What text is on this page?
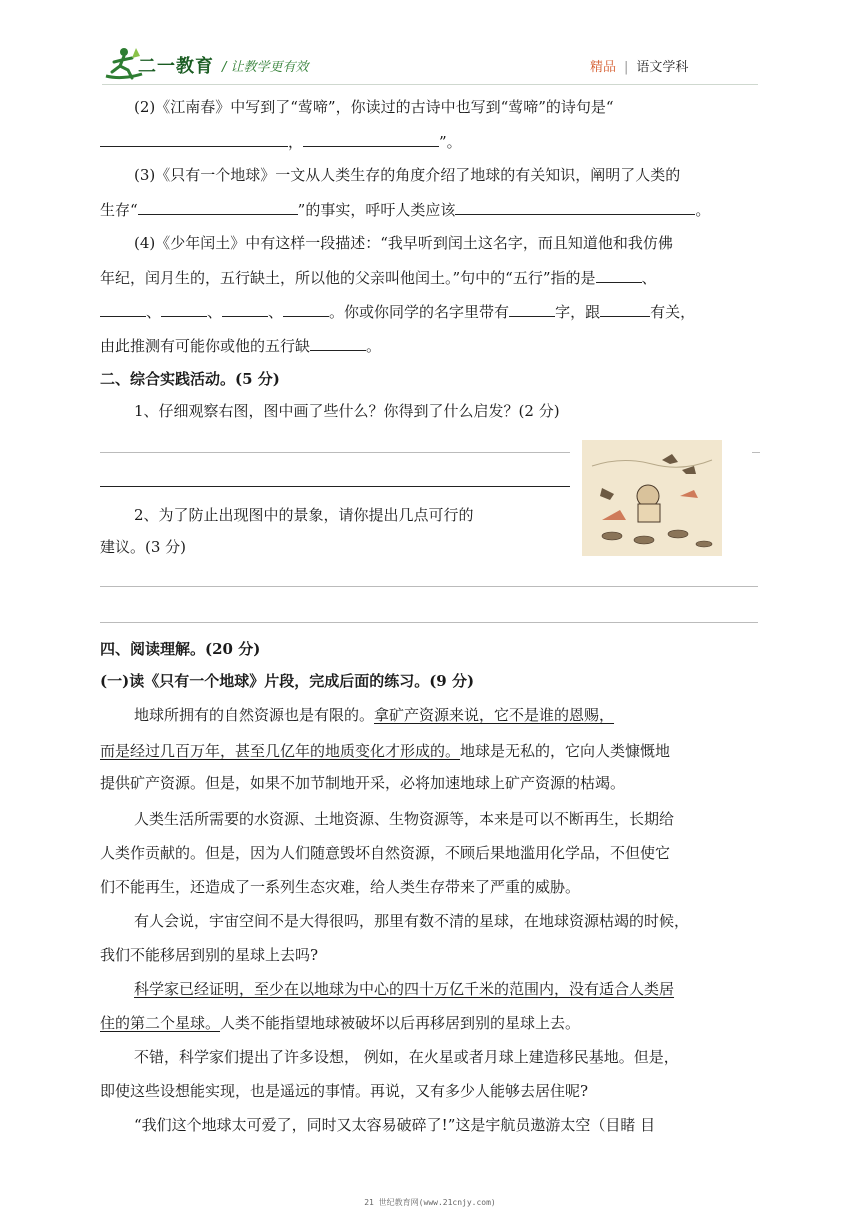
二一教育 / 让教学更有效	精品 | 语文学科
(2)《江南春》中写到了“莺啼”，你读过的古诗中也写到“莺啼”的诗句是“
，	”。
(3)《只有一个地球》一文从人类生存的角度介绍了地球的有关知识，阐明了人类的
生存“	”的事实，呼吁人类应该	。
(4)《少年闰土》中有这样一段描述：“我早听到闰土这名字，而且知道他和我仿佛
年纪，闰月生的，五行缺土，所以他的父亲叫他闰土。”句中的“五行”指的是	、
、	、	、	。你或你同学的名字里带有	字，跟	有关，
由此推测有可能你或他的五行缺	。
二、综合实践活动。(5 分)
1、仔细观察右图，图中画了些什么？你得到了什么启发？(2 分)
2、为了防止出现图中的景象，请你提出几点可行的
建议。(3 分)
四、阅读理解。(20 分)
(一)读《只有一个地球》片段，完成后面的练习。(9 分)
地球所拥有的自然资源也是有限的。拿矿产资源来说，它不是谁的恩赐，
而是经过几百万年，甚至几亿年的地质变化才形成的。地球是无私的，它向人类慷慨地
提供矿产资源。但是，如果不加节制地开采，必将加速地球上矿产资源的枯竭。
人类生活所需要的水资源、土地资源、生物资源等，本来是可以不断再生，长期给
人类作贡献的。但是，因为人们随意毁坏自然资源，不顾后果地滥用化学品，不但使它
们不能再生，还造成了一系列生态灾难，给人类生存带来了严重的威胁。
有人会说，宇宙空间不是大得很吗，那里有数不清的星球，在地球资源枯竭的时候，
我们不能移居到别的星球上去吗?
科学家已经证明，至少在以地球为中心的四十万亿千米的范围内，没有适合人类居
住的第二个星球。人类不能指望地球被破坏以后再移居到别的星球上去。
不错，科学家们提出了许多设想， 例如，在火星或者月球上建造移民基地。但是，
即使这些设想能实现，也是遥远的事情。再说，又有多少人能够去居住呢?
“我们这个地球太可爱了，同时又太容易破碎了!”这是宇航员遨游太空（目睹 目
21 世纪教育网(www.21cnjy.com)
